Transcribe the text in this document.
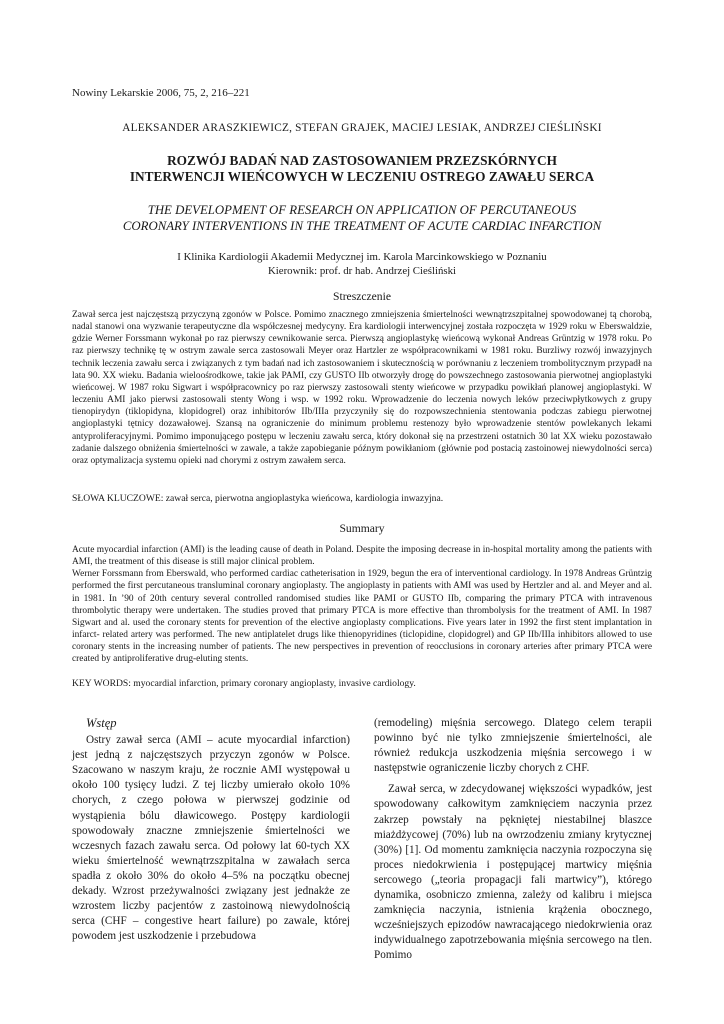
Nowiny Lekarskie 2006, 75, 2, 216–221
ALEKSANDER ARASZKIEWICZ, STEFAN GRAJEK, MACIEJ LESIAK, ANDRZEJ CIEŚLIŃSKI
ROZWÓJ BADAŃ NAD ZASTOSOWANIEM PRZEZSKÓRNYCH
INTERWENCJI WIEŃCOWYCH W LECZENIU OSTREGO ZAWAŁU SERCA
THE DEVELOPMENT OF RESEARCH ON APPLICATION OF PERCUTANEOUS
CORONARY INTERVENTIONS IN THE TREATMENT OF ACUTE CARDIAC INFARCTION
I Klinika Kardiologii Akademii Medycznej im. Karola Marcinkowskiego w Poznaniu
Kierownik: prof. dr hab. Andrzej Cieśliński
Streszczenie

Zawał serca jest najczęstszą przyczyną zgonów w Polsce. Pomimo znacznego zmniejszenia śmiertelności wewnątrzszpitalnej spowodowanej tą chorobą, nadal stanowi ona wyzwanie terapeutyczne dla współczesnej medycyny. Era kardiologii interwencyjnej została rozpoczęta w 1929 roku w Eberswaldzie, gdzie Werner Forssmann wykonał po raz pierwszy cewnikowanie serca. Pierwszą angioplastykę wieńcową wykonał Andreas Grüntzig w 1978 roku. Po raz pierwszy technikę tę w ostrym zawale serca zastosowali Meyer oraz Hartzler ze współpracownikami w 1981 roku. Burzliwy rozwój inwazyjnych technik leczenia zawału serca i związanych z tym badań nad ich zastosowaniem i skutecznością w porównaniu z leczeniem trombolitycznym przypadł na lata 90. XX wieku. Badania wieloośrodkowe, takie jak PAMI, czy GUSTO IIb otworzyły drogę do powszechnego zastosowania pierwotnej angioplastyki wieńcowej. W 1987 roku Sigwart i współpracownicy po raz pierwszy zastosowali stenty wieńcowe w przypadku powikłań planowej angioplastyki. W leczeniu AMI jako pierwsi zastosowali stenty Wong i wsp. w 1992 roku. Wprowadzenie do leczenia nowych leków przeciwpłytkowych z grupy tienopirydyn (tiklopidyna, klopidogrel) oraz inhibitorów IIb/IIIa przyczyniły się do rozpowszechnienia stentowania podczas zabiegu pierwotnej angioplastyki tętnicy dozawałowej. Szansą na ograniczenie do minimum problemu restenozy było wprowadzenie stentów powlekanych lekami antyproliferacyjnymi. Pomimo imponującego postępu w leczeniu zawału serca, który dokonał się na przestrzeni ostatnich 30 lat XX wieku pozostawało zadanie dalszego obniżenia śmiertelności w zawale, a także zapobieganie późnym powikłaniom (głównie pod postacią zastoinowej niewydolności serca) oraz optymalizacja systemu opieki nad chorymi z ostrym zawałem serca.

SŁOWA KLUCZOWE: zawał serca, pierwotna angioplastyka wieńcowa, kardiologia inwazyjna.
Summary

Acute myocardial infarction (AMI) is the leading cause of death in Poland. Despite the imposing decrease in in-hospital mortality among the patients with AMI, the treatment of this disease is still major clinical problem.

Werner Forssmann from Eberswald, who performed cardiac catheterisation in 1929, begun the era of interventional cardiology. In 1978 Andreas Grüntzig performed the first percutaneous transluminal coronary angioplasty. The angioplasty in patients with AMI was used by Hertzler and al. and Meyer and al. in 1981. In ’90 of 20th century several controlled randomised studies like PAMI or GUSTO IIb, comparing the primary PTCA with intravenous thrombolytic therapy were undertaken. The studies proved that primary PTCA is more effective than thrombolysis for the treatment of AMI. In 1987 Sigwart and al. used the coronary stents for prevention of the elective angioplasty complications. Five years later in 1992 the first stent implantation in infarct- related artery was performed. The new antiplatelet drugs like thienopyridines (ticlopidine, clopidogrel) and GP IIb/IIIa inhibitors allowed to use coronary stents in the increasing number of patients. The new perspectives in prevention of reocclusions in coronary arteries after primary PTCA were created by antiproliferative drug-eluting stents.

KEY WORDS: myocardial infarction, primary coronary angioplasty, invasive cardiology.
Wstęp

Ostry zawał serca (AMI – acute myocardial infarction) jest jedną z najczęstszych przyczyn zgonów w Polsce. Szacowano w naszym kraju, że rocznie AMI występował u około 100 tysięcy ludzi. Z tej liczby umierało około 10% chorych, z czego połowa w pierwszej godzinie od wystąpienia bólu dławicowego. Postępy kardiologii spowodowały znaczne zmniejszenie śmiertelności we wczesnych fazach zawału serca. Od połowy lat 60-tych XX wieku śmiertelność wewnątrzszpitalna w zawałach serca spadła z około 30% do około 4–5% na początku obecnej dekady. Wzrost przeżywalności związany jest jednakże ze wzrostem liczby pacjentów z zastoinową niewydolnością serca (CHF – congestive heart failure) po zawale, której powodem jest uszkodzenie i przebudowa

(remodeling) mięśnia sercowego. Dlatego celem terapii powinno być nie tylko zmniejszenie śmiertelności, ale również redukcja uszkodzenia mięśnia sercowego i w następstwie ograniczenie liczby chorych z CHF.

Zawał serca, w zdecydowanej większości wypadków, jest spowodowany całkowitym zamknięciem naczynia przez zakrzep powstały na pękniętej niestabilnej blaszce miażdżycowej (70%) lub na owrzodzeniu zmiany krytycznej (30%) [1]. Od momentu zamknięcia naczynia rozpoczyna się proces niedokrwienia i postępującej martwicy mięśnia sercowego („teoria propagacji fali martwicy”), którego dynamika, osobniczo zmienna, zależy od kalibru i miejsca zamknięcia naczynia, istnienia krążenia obocznego, wcześniejszych epizodów nawracającego niedokrwienia oraz indywidualnego zapotrzebowania mięśnia sercowego na tlen. Pomimo
